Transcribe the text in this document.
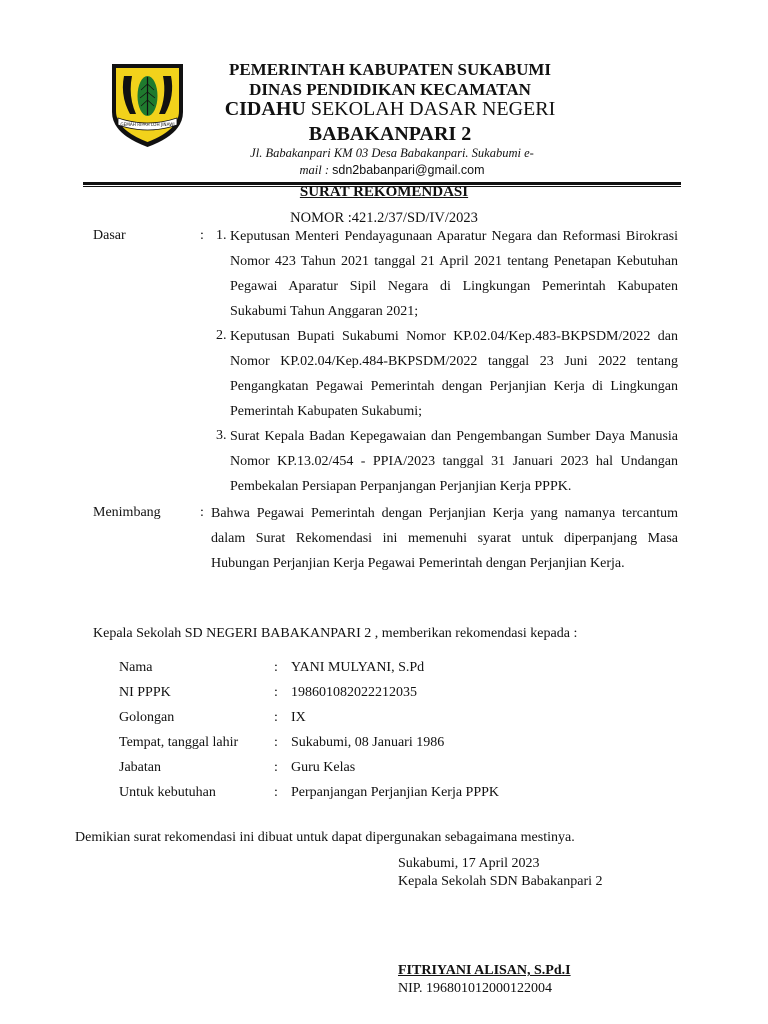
GEMAH RIPAH LOH JINAWI
PEMERINTAH KABUPATEN SUKABUMI
DINAS PENDIDIKAN KECAMATAN
CIDAHU SEKOLAH DASAR NEGERI
BABAKANPARI 2
Jl. Babakanpari KM 03 Desa Babakanpari. Sukabumi e-
mail : sdn2babanpari@gmail.com
SURAT REKOMENDASI
NOMOR :421.2/37/SD/IV/2023
Dasar	: 1. Keputusan Menteri Pendayagunaan Aparatur Negara dan Reformasi Birokrasi Nomor 423 Tahun 2021 tanggal 21 April 2021 tentang Penetapan Kebutuhan Pegawai Aparatur Sipil Negara di Lingkungan Pemerintah Kabupaten Sukabumi Tahun Anggaran 2021;
2. Keputusan Bupati Sukabumi Nomor KP.02.04/Kep.483-BKPSDM/2022 dan Nomor KP.02.04/Kep.484-BKPSDM/2022 tanggal 23 Juni 2022 tentang Pengangkatan Pegawai Pemerintah dengan Perjanjian Kerja di Lingkungan Pemerintah Kabupaten Sukabumi;
3. Surat Kepala Badan Kepegawaian dan Pengembangan Sumber Daya Manusia Nomor KP.13.02/454 - PPIA/2023 tanggal 31 Januari 2023 hal Undangan Pembekalan Persiapan Perpanjangan Perjanjian Kerja PPPK.
Menimbang	: Bahwa Pegawai Pemerintah dengan Perjanjian Kerja yang namanya tercantum dalam Surat Rekomendasi ini memenuhi syarat untuk diperpanjang Masa Hubungan Perjanjian Kerja Pegawai Pemerintah dengan Perjanjian Kerja.
Kepala Sekolah SD NEGERI BABAKANPARI 2 , memberikan rekomendasi kepada :
Nama	: YANI MULYANI, S.Pd
NI PPPK	: 198601082022212035
Golongan	: IX
Tempat, tanggal lahir	: Sukabumi, 08 Januari 1986
Jabatan	: Guru Kelas
Untuk kebutuhan	: Perpanjangan Perjanjian Kerja PPPK
Demikian surat rekomendasi ini dibuat untuk dapat dipergunakan sebagaimana mestinya.
Sukabumi, 17 April 2023
Kepala Sekolah SDN Babakanpari 2
FITRIYANI ALISAN, S.Pd.I
NIP. 196801012000122004
